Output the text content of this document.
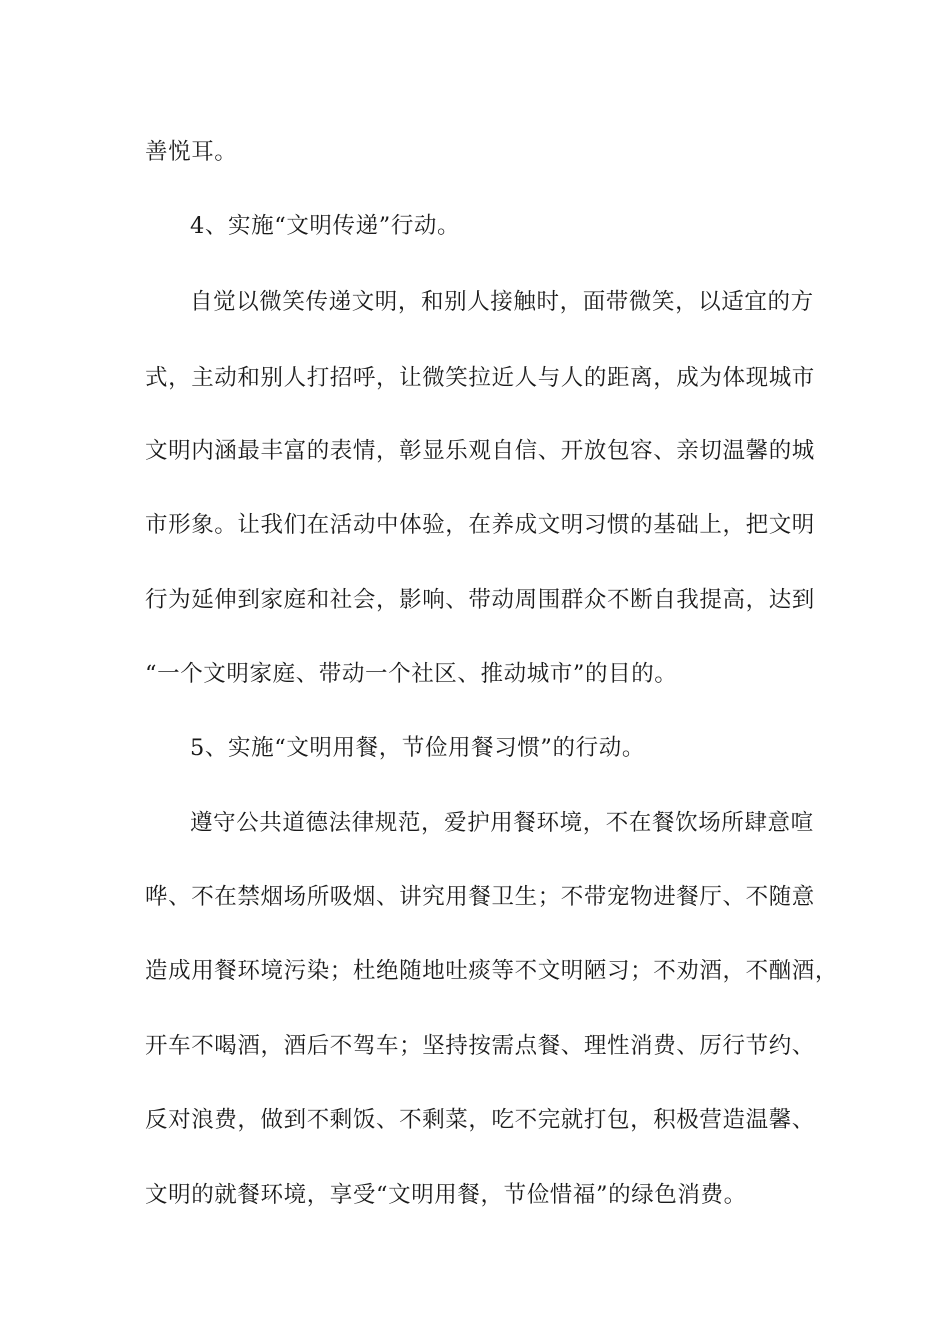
善悦耳。
4、实施“文明传递”行动。
自觉以微笑传递文明，和别人接触时，面带微笑，以适宜的方
式，主动和别人打招呼，让微笑拉近人与人的距离，成为体现城市
文明内涵最丰富的表情，彰显乐观自信、开放包容、亲切温馨的城
市形象。让我们在活动中体验，在养成文明习惯的基础上，把文明
行为延伸到家庭和社会，影响、带动周围群众不断自我提高，达到
“一个文明家庭、带动一个社区、推动城市”的目的。
5、实施“文明用餐，节俭用餐习惯”的行动。
遵守公共道德法律规范，爱护用餐环境，不在餐饮场所肆意喧
哗、不在禁烟场所吸烟、讲究用餐卫生；不带宠物进餐厅、不随意
造成用餐环境污染；杜绝随地吐痰等不文明陋习；不劝酒，不酗酒，
开车不喝酒，酒后不驾车；坚持按需点餐、理性消费、厉行节约、
反对浪费，做到不剩饭、不剩菜，吃不完就打包，积极营造温馨、
文明的就餐环境，享受“文明用餐，节俭惜福”的绿色消费。
